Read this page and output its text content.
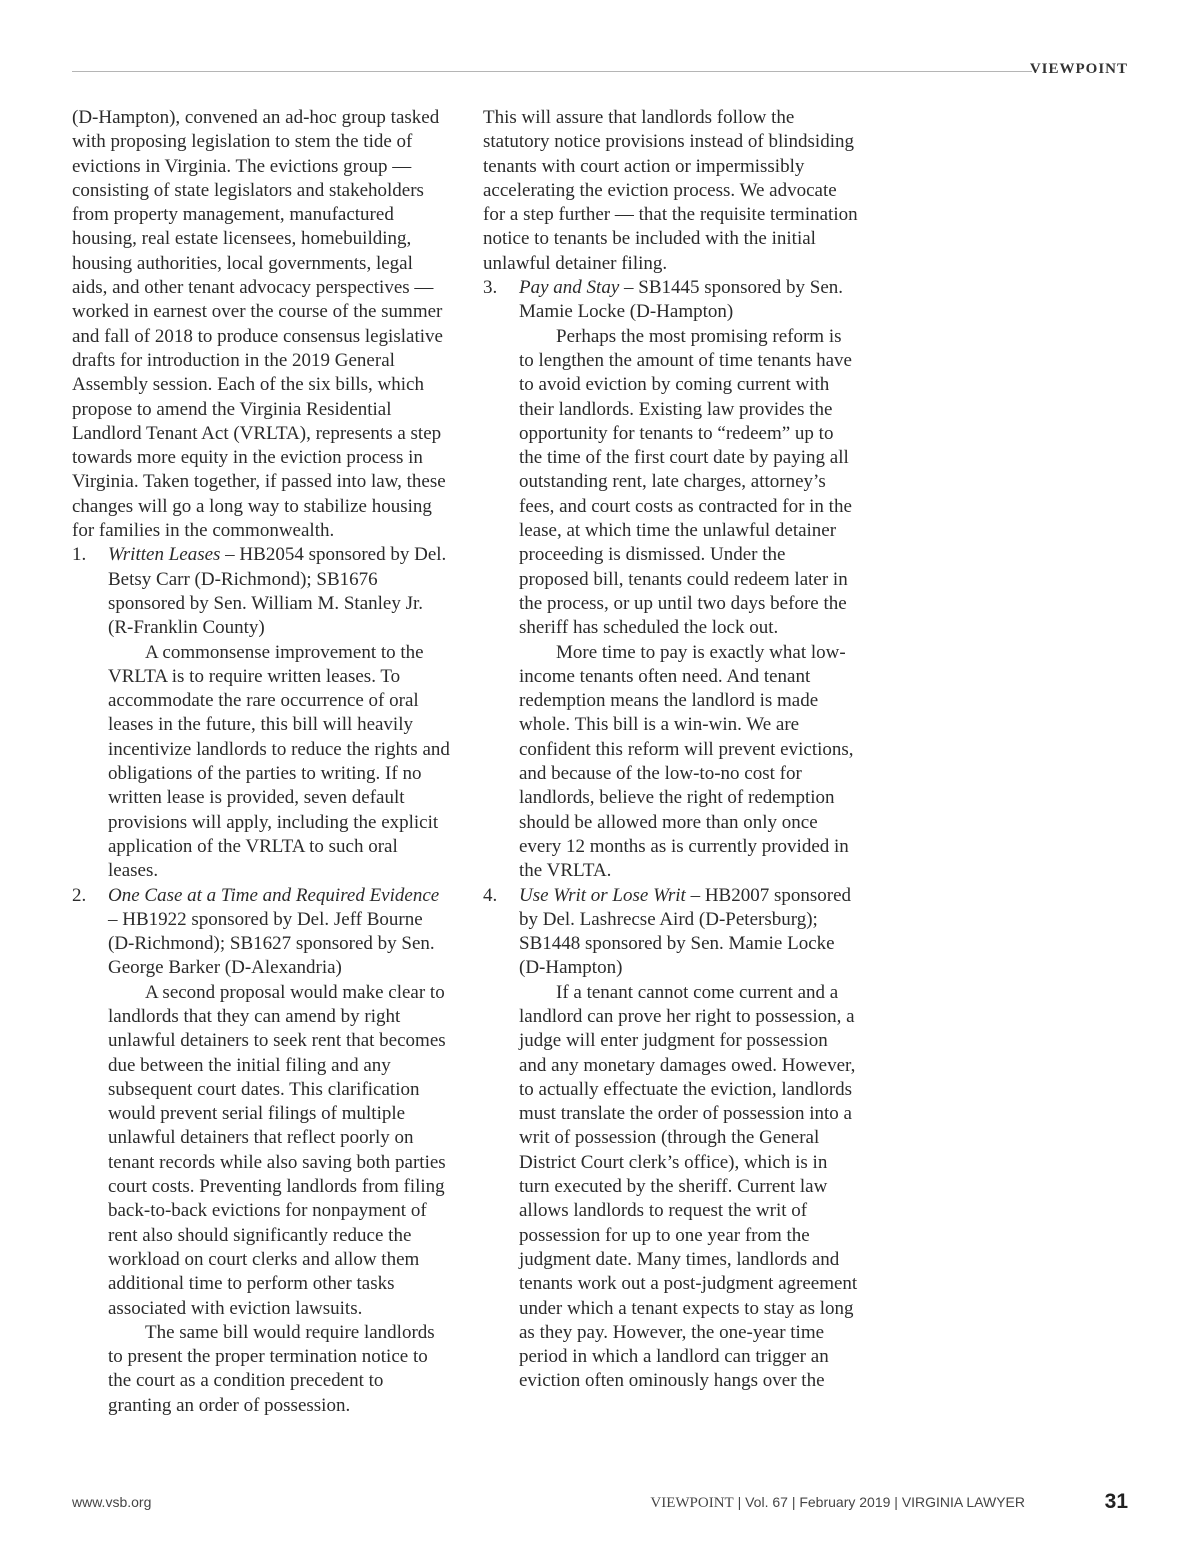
VIEWPOINT

(D-Hampton), convened an ad-hoc group tasked with proposing legislation to stem the tide of evictions in Virginia. The evictions group — consisting of state legislators and stakeholders from property management, manufactured housing, real estate licensees, homebuilding, housing authorities, local governments, legal aids, and other tenant advocacy perspectives — worked in earnest over the course of the summer and fall of 2018 to produce consensus legislative drafts for introduction in the 2019 General Assembly session. Each of the six bills, which propose to amend the Virginia Residential Landlord Tenant Act (VRLTA), represents a step towards more equity in the eviction process in Virginia. Taken together, if passed into law, these changes will go a long way to stabilize housing for families in the commonwealth.

1. Written Leases – HB2054 sponsored by Del. Betsy Carr (D-Richmond); SB1676 sponsored by Sen. William M. Stanley Jr. (R-Franklin County)

A commonsense improvement to the VRLTA is to require written leases. To accommodate the rare occurrence of oral leases in the future, this bill will heavily incentivize landlords to reduce the rights and obligations of the parties to writing. If no written lease is provided, seven default provisions will apply, including the explicit application of the VRLTA to such oral leases.

2. One Case at a Time and Required Evidence – HB1922 sponsored by Del. Jeff Bourne (D-Richmond); SB1627 sponsored by Sen. George Barker (D-Alexandria)

A second proposal would make clear to landlords that they can amend by right unlawful detainers to seek rent that becomes due between the initial filing and any subsequent court dates. This clarification would prevent serial filings of multiple unlawful detainers that reflect poorly on tenant records while also saving both parties court costs. Preventing landlords from filing back-to-back evictions for nonpayment of rent also should significantly reduce the workload on court clerks and allow them additional time to perform other tasks associated with eviction lawsuits.

The same bill would require landlords to present the proper termination notice to the court as a condition precedent to granting an order of possession.

This will assure that landlords follow the statutory notice provisions instead of blindsiding tenants with court action or impermissibly accelerating the eviction process. We advocate for a step further — that the requisite termination notice to tenants be included with the initial unlawful detainer filing.

3. Pay and Stay – SB1445 sponsored by Sen. Mamie Locke (D-Hampton)

Perhaps the most promising reform is to lengthen the amount of time tenants have to avoid eviction by coming current with their landlords. Existing law provides the opportunity for tenants to “redeem” up to the time of the first court date by paying all outstanding rent, late charges, attorney’s fees, and court costs as contracted for in the lease, at which time the unlawful detainer proceeding is dismissed. Under the proposed bill, tenants could redeem later in the process, or up until two days before the sheriff has scheduled the lock out.

More time to pay is exactly what low-income tenants often need. And tenant redemption means the landlord is made whole. This bill is a win-win. We are confident this reform will prevent evictions, and because of the low-to-no cost for landlords, believe the right of redemption should be allowed more than only once every 12 months as is currently provided in the VRLTA.

4. Use Writ or Lose Writ – HB2007 sponsored by Del. Lashrecse Aird (D-Petersburg); SB1448 sponsored by Sen. Mamie Locke (D-Hampton)

If a tenant cannot come current and a landlord can prove her right to possession, a judge will enter judgment for possession and any monetary damages owed. However, to actually effectuate the eviction, landlords must translate the order of possession into a writ of possession (through the General District Court clerk’s office), which is in turn executed by the sheriff. Current law allows landlords to request the writ of possession for up to one year from the judgment date. Many times, landlords and tenants work out a post-judgment agreement under which a tenant expects to stay as long as they pay. However, the one-year time period in which a landlord can trigger an eviction often ominously hangs over the

www.vsb.org	VIEWPOINT | Vol. 67 | February 2019 | VIRGINIA LAWYER	31
